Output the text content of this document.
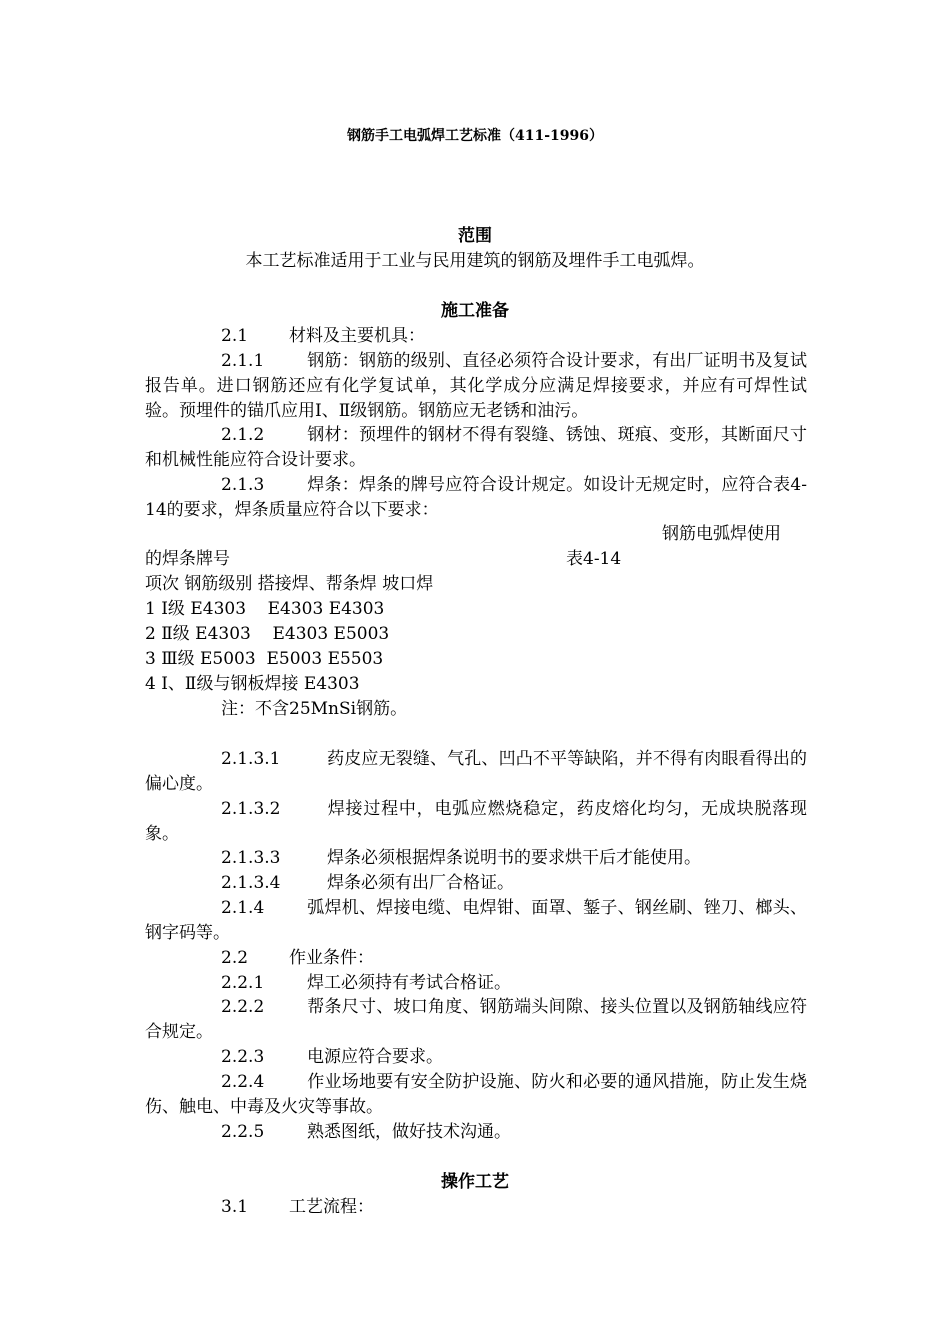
钢筋手工电弧焊工艺标准（411-1996）
范围
本工艺标准适用于工业与民用建筑的钢筋及埋件手工电弧焊。
施工准备
2.1 材料及主要机具：
2.1.1	钢筋：钢筋的级别、直径必须符合设计要求，有出厂证明书及复试报告单。进口钢筋还应有化学复试单，其化学成分应满足焊接要求，并应有可焊性试验。预埋件的锚爪应用Ⅰ、Ⅱ级钢筋。钢筋应无老锈和油污。
2.1.2	钢材：预埋件的钢材不得有裂缝、锈蚀、斑痕、变形，其断面尺寸和机械性能应符合设计要求。
2.1.3	焊条：焊条的牌号应符合设计规定。如设计无规定时，应符合表4-14的要求，焊条质量应符合以下要求：
钢筋电弧焊使用
的焊条牌号	表4-14
项次 钢筋级别 搭接焊、帮条焊 坡口焊
1 Ⅰ级 E4303    E4303 E4303
2 Ⅱ级 E4303    E4303 E5003
3 Ⅲ级 E5003  E5003 E5503
4 Ⅰ、Ⅱ级与钢板焊接 E4303
注：不含25MnSi钢筋。
2.1.3.1	药皮应无裂缝、气孔、凹凸不平等缺陷，并不得有肉眼看得出的偏心度。
2.1.3.2	焊接过程中，电弧应燃烧稳定，药皮熔化均匀，无成块脱落现象。
2.1.3.3	焊条必须根据焊条说明书的要求烘干后才能使用。
2.1.3.4	焊条必须有出厂合格证。
2.1.4	弧焊机、焊接电缆、电焊钳、面罩、錾子、钢丝刷、锉刀、榔头、钢字码等。
2.2 作业条件：
2.2.1	焊工必须持有考试合格证。
2.2.2	帮条尺寸、坡口角度、钢筋端头间隙、接头位置以及钢筋轴线应符合规定。
2.2.3	电源应符合要求。
2.2.4	作业场地要有安全防护设施、防火和必要的通风措施，防止发生烧伤、触电、中毒及火灾等事故。
2.2.5	熟悉图纸，做好技术沟通。
操作工艺
3.1 工艺流程：
